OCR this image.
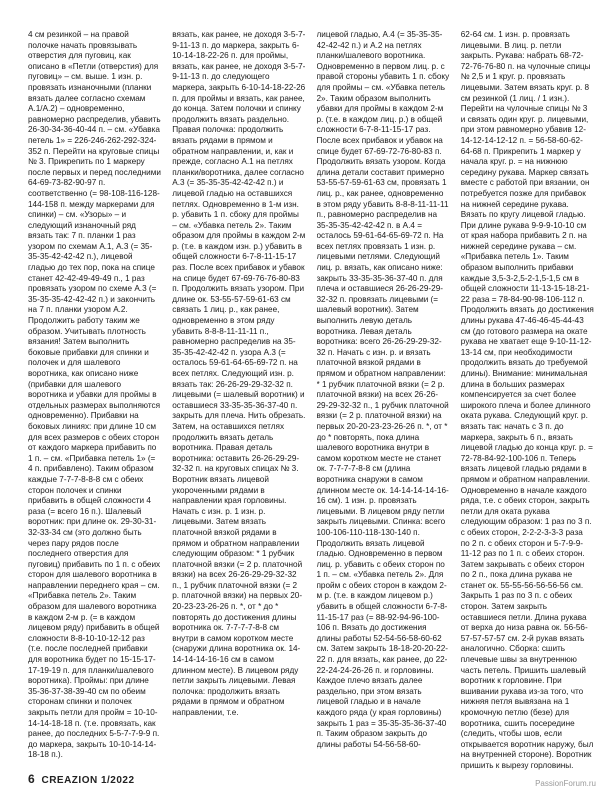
4 см резинкой – на правой полочке начать провязывать отверстия для пуговиц, как описано в «Петли (отверстия) для пуговиц» – см. выше. 1 изн. р. провязать изнаночными (планки вязать далее согласно схемам А.1/А.2) – одновременно, равномерно распределив, убавить 26-30-34-36-40-44 п. – см. «Убавка петель 1» = 226-246-262-292-324-352 п. Перейти на круговые спицы № 3. Прикрепить по 1 маркеру после первых и перед последними 64-69-73-82-90-97 п. соответственно (= 98-108-116-128-144-158 п. между маркерами для спинки) – см. «Узоры» – и следующий изнаночный ряд вязать так: 7 п. планки 1 раз узором по схемам А.1, А.3 (= 35-35-35-42-42-42 п.), лицевой гладью до тех пор, пока на спице станет 42-42-49-49-49 п., 1 раз провязать узором по схеме А.3 (= 35-35-35-42-42-42 п.) и закончить на 7 п. планки узором А.2. Продолжить работу таким же образом. Учитывать плотность вязания! Затем выполнить боковые прибавки для спинки и полочек и для шалевого воротника, как описано ниже (прибавки для шалевого воротника и убавки для проймы в отдельных размерах выполняются одновременно). Прибавки на боковых линиях: при длине 10 см для всех размеров с обеих сторон от каждого маркера прибавить по 1 п. – см. «Прибавка петель 1» (= 4 п. прибавлено). Таким образом каждые 7-7-7-8-8-8 см с обеих сторон полочек и спинки прибавить в общей сложности 4 раза (= всего 16 п.). Шалевый воротник: при длине ок. 29-30-31-32-33-34 см (это должно быть через пару рядов после последнего отверстия для пуговиц) прибавить по 1 п. с обеих сторон для шалевого воротника в направлении переднего края – см. «Прибавка петель 2». Таким образом для шалевого воротника в каждом 2-м р. (= в каждом лицевом ряду) прибавить в общей сложности 8-8-10-10-12-12 раз (т.е. после последней прибавки для воротника будет по 15-15-17-17-19-19 п. для планки/шалевого воротника). Проймы: при длине 35-36-37-38-39-40 см по обеим сторонам спинки и полочек закрыть петли для пройм = 10-10-14-14-18-18 п. (т.е. провязать, как ранее, до последних 5-5-7-7-9-9 п. до маркера, закрыть 10-10-14-14-18-18 п.).

вязать, как ранее, не доходя 3-5-7-9-11-13 п. до маркера, закрыть 6-10-14-18-22-26 п. для проймы, вязать, как ранее, не доходя 3-5-7-9-11-13 п. до следующего маркера, закрыть 6-10-14-18-22-26 п. для проймы и вязать, как ранее, до конца. Затем полочки и спинку продолжить вязать раздельно. Правая полочка: продолжить вязать рядами в прямом и обратном направлении, и, как и прежде, согласно А.1 на петлях планки/воротника, далее согласно А.3 (= 35-35-35-42-42-42 п.) и лицевой гладью на оставшихся петлях. Одновременно в 1-м изн. р. убавить 1 п. сбоку для проймы – см. «Убавка петель 2». Таким образом для проймы в каждом 2-м р. (т.е. в каждом изн. р.) убавить в общей сложности 6-7-8-11-15-17 раз. После всех прибавок и убавок на спице будет 67-69-76-76-80-83 п. Продолжить вязать узором. При длине ок. 53-55-57-59-61-63 см связать 1 лиц. р., как ранее, одновременно в этом ряду убавить 8-8-8-11-11-11 п., равномерно распределив на 35-35-35-42-42-42 п. узора А.3 (= осталось 59-61-64-65-69-72 п. на всех петлях. Следующий изн. р. вязать так: 26-26-29-29-32-32 п. лицевыми (= шалевый воротник) и оставшиеся 33-35-35-36-37-40 п. закрыть для плеча. Нить обрезать. Затем, на оставшихся петлях продолжить вязать деталь воротника. Правая деталь воротника: оставить 26-26-29-29-32-32 п. на круговых спицах № 3. Воротник вязать лицевой укороченными рядами в направлении края горловины. Начать с изн. р. 1 изн. р. лицевыми. Затем вязать платочной вязкой рядами в прямом и обратном направлении следующим образом: * 1 рубчик платочной вязки (= 2 р. платочной вязки) на всех 26-26-29-29-32-32 п., 1 рубчик платочной вязки (= 2 р. платочной вязки) на первых 20-20-23-23-26-26 п. *, от * до * повторять до достижения длины воротника ок. 7-7-7-7-8-8 см внутри в самом коротком месте (снаружи длина воротника ок. 14-14-14-14-16-16 см в самом длинном месте). В лицевом ряду петли закрыть лицевыми. Левая полочка: продолжить вязать рядами в прямом и обратном направлении, т.е.

лицевой гладью, А.4 (= 35-35-35-42-42-42 п.) и А.2 на петлях планки/шалевого воротника. Одновременно в первом лиц. р. с правой стороны убавить 1 п. сбоку для проймы – см. «Убавка петель 2». Таким образом выполнить убавки для проймы в каждом 2-м р. (т.е. в каждом лиц. р.) в общей сложности 6-7-8-11-15-17 раз. После всех прибавок и убавок на спице будет 67-69-72-76-80-83 п. Продолжить вязать узором. Когда длина детали составит примерно 53-55-57-59-61-63 см, провязать 1 лиц. р., как ранее, одновременно в этом ряду убавить 8-8-8-11-11-11 п., равномерно распределив на 35-35-35-42-42-42 п. в А.4 = осталось 59-61-64-65-69-72 п. На всех петлях провязать 1 изн. р. лицевыми петлями. Следующий лиц. р. вязать, как описано ниже: закрыть 33-35-35-36-37-40 п. для плеча и оставшиеся 26-26-29-29-32-32 п. провязать лицевыми (= шалевый воротник). Затем выполнить левую деталь воротника. Левая деталь воротника: всего 26-26-29-29-32-32 п. Начать с изн. р. и вязать платочной вязкой рядами в прямом и обратном направлении: * 1 рубчик платочной вязки (= 2 р. платочной вязки) на всех 26-26-29-29-32-32 п., 1 рубчик платочной вязки (= 2 р. платочной вязки) на первых 20-20-23-23-26-26 п. *, от * до * повторять, пока длина шалевого воротника внутри в самом коротком месте не станет ок. 7-7-7-7-8-8 см (длина воротника снаружи в самом длинном месте ок. 14-14-14-14-16-16 см). 1 изн. р. провязать лицевыми. В лицевом ряду петли закрыть лицевыми. Спинка: всего 100-106-110-118-130-140 п. Продолжить вязать лицевой гладью. Одновременно в первом лиц. р. убавить с обеих сторон по 1 п. – см. «Убавка петель 2». Для пройм с обеих сторон в каждом 2-м р. (т.е. в каждом лицевом р.) убавить в общей сложности 6-7-8-11-15-17 раз (= 88-92-94-96-100-106 п. Вязать до достижения длины работы 52-54-56-58-60-62 см. Затем закрыть 18-18-20-20-22-22 п. для вязать, как ранее, до 22-22-24-24-26-26 п. и горловины. Каждое плечо вязать далее раздельно, при этом вязать лицевой гладью и в начале каждого ряда (у края горловины) закрыть 1 раз = 35-35-35-36-37-40 п. Таким образом закрыть до длины работы 54-56-58-60-

62-64 см. 1 изн. р. провязать лицевыми. В лиц. р. петли закрыть. Рукава: набрать 68-72-72-76-76-80 п. на чулочные спицы № 2,5 и 1 круг. р. провязать лицевыми. Затем вязать круг. р. 8 см резинкой (1 лиц. / 1 изн.). Перейти на чулочные спицы № 3 и связать один круг. р. лицевыми, при этом равномерно убавив 12-14-12-14-12-12 п. = 56-58-60-62-64-68 п. Прикрепить 1 маркер у начала круг. р. = на нижнюю середину рукава. Маркер связать вместе с работой при вязании, он потребуется позже для прибавок на нижней середине рукава. Вязать по кругу лицевой гладью. При длине рукава 9-9-9-10-10 см от края набора прибавить 2 п. на нижней середине рукава – см. «Прибавка петель 1». Таким образом выполнить прибавки каждые 3,5-3-2,5-2-1,5-1,5 см в общей сложности 11-13-15-18-21-22 раза = 78-84-90-98-106-112 п. Продолжить вязать до достижения длины рукава 47-46-46-45-44-43 см (до готового размера на окате рукава не хватает еще 9-10-11-12-13-14 см, при необходимости продолжить вязать до требуемой длины). Внимание: минимальная длина в больших размерах компенсируется за счет более широкого плеча и более длинного оката рукава. Следующий круг. р. вязать так: начать с 3 п. до маркера, закрыть 6 п., вязать лицевой гладью до конца круг. р. = 72-78-84-92-100-106 п. Теперь вязать лицевой гладью рядами в прямом и обратном направлении. Одновременно в начале каждого ряда, т.е. с обеих сторон, закрыть петли для оката рукава следующим образом: 1 раз по 3 п. с обеих сторон, 2-2-2-3-3-3 раза по 2 п. с обеих сторон и 5-7-9-9-11-12 раз по 1 п. с обеих сторон. Затем закрывать с обеих сторон по 2 п., пока длина рукава не станет ок. 55-55-56-56-56-56 см. Закрыть 1 раз по 3 п. с обеих сторон. Затем закрыть оставшиеся петли. Длина рукава от верха до низа равна ок. 56-56-57-57-57-57 см. 2-й рукав вязать аналогично. Сборка: сшить плечевые швы за внутреннюю часть петель. Пришить шалевый воротник к горловине. При вшивании рукава из-за того, что нижняя петля вывязана на 1 кромочную петлю (безе) для воротника, сшить посередине (следить, чтобы шов, если открывается воротник наружу, был на внутренней стороне). Воротник пришить к вырезу горловины.

6 CREAZION 1/2022	PassionForum.ru
